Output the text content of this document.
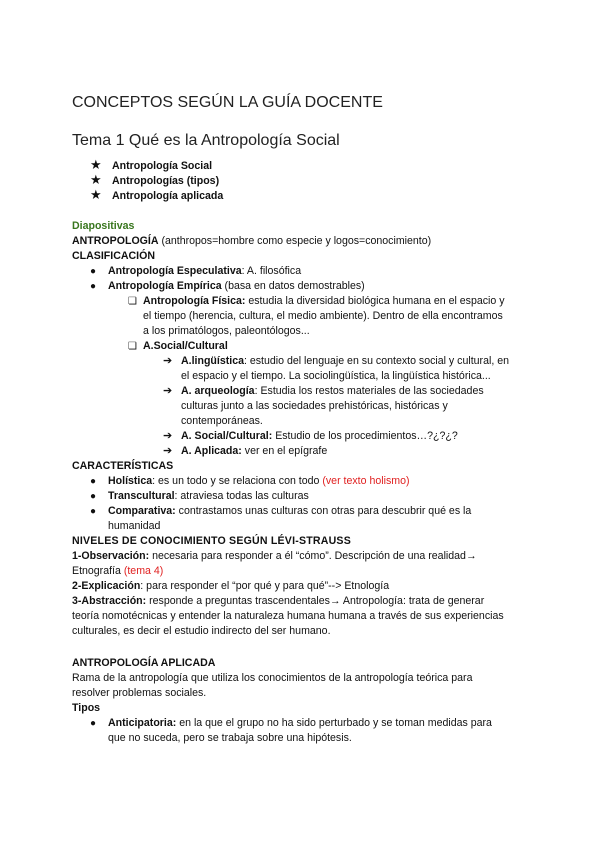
CONCEPTOS SEGÚN LA GUÍA DOCENTE
Tema 1 Qué es la Antropología Social
★ Antropología Social
★ Antropologías (tipos)
★ Antropología aplicada
Diapositivas
ANTROPOLOGÍA (anthropos=hombre como especie y logos=conocimiento)
CLASIFICACIÓN
● Antropología Especulativa: A. filosófica
● Antropología Empírica (basa en datos demostrables)
❏ Antropología Física: estudia la diversidad biológica humana en el espacio y
el tiempo (herencia, cultura, el medio ambiente). Dentro de ella encontramos
a los primatólogos, paleontólogos...
❏ A.Social/Cultural
➔ A.lingüística: estudio del lenguaje en su contexto social y cultural, en
el espacio y el tiempo. La sociolingüística, la lingüística histórica...
➔ A. arqueología: Estudia los restos materiales de las sociedades
culturas junto a las sociedades prehistóricas, históricas y
contemporáneas.
➔ A. Social/Cultural: Estudio de los procedimientos…?¿?¿?
➔ A. Aplicada: ver en el epígrafe
CARACTERÍSTICAS
● Holística: es un todo y se relaciona con todo (ver texto holismo)
● Transcultural: atraviesa todas las culturas
● Comparativa: contrastamos unas culturas con otras para descubrir qué es la
humanidad
NIVELES DE CONOCIMIENTO SEGÚN LÉVI-STRAUSS
1-Observación: necesaria para responder a él “cómo”. Descripción de una realidad→
Etnografía (tema 4)
2-Explicación: para responder el “por qué y para qué”--> Etnología
3-Abstracción: responde a preguntas trascendentales→ Antropología: trata de generar
teoría nomotécnicas y entender la naturaleza humana humana a través de sus experiencias
culturales, es decir el estudio indirecto del ser humano.
ANTROPOLOGÍA APLICADA
Rama de la antropología que utiliza los conocimientos de la antropología teórica para
resolver problemas sociales.
Tipos
● Anticipatoria: en la que el grupo no ha sido perturbado y se toman medidas para
que no suceda, pero se trabaja sobre una hipótesis.
